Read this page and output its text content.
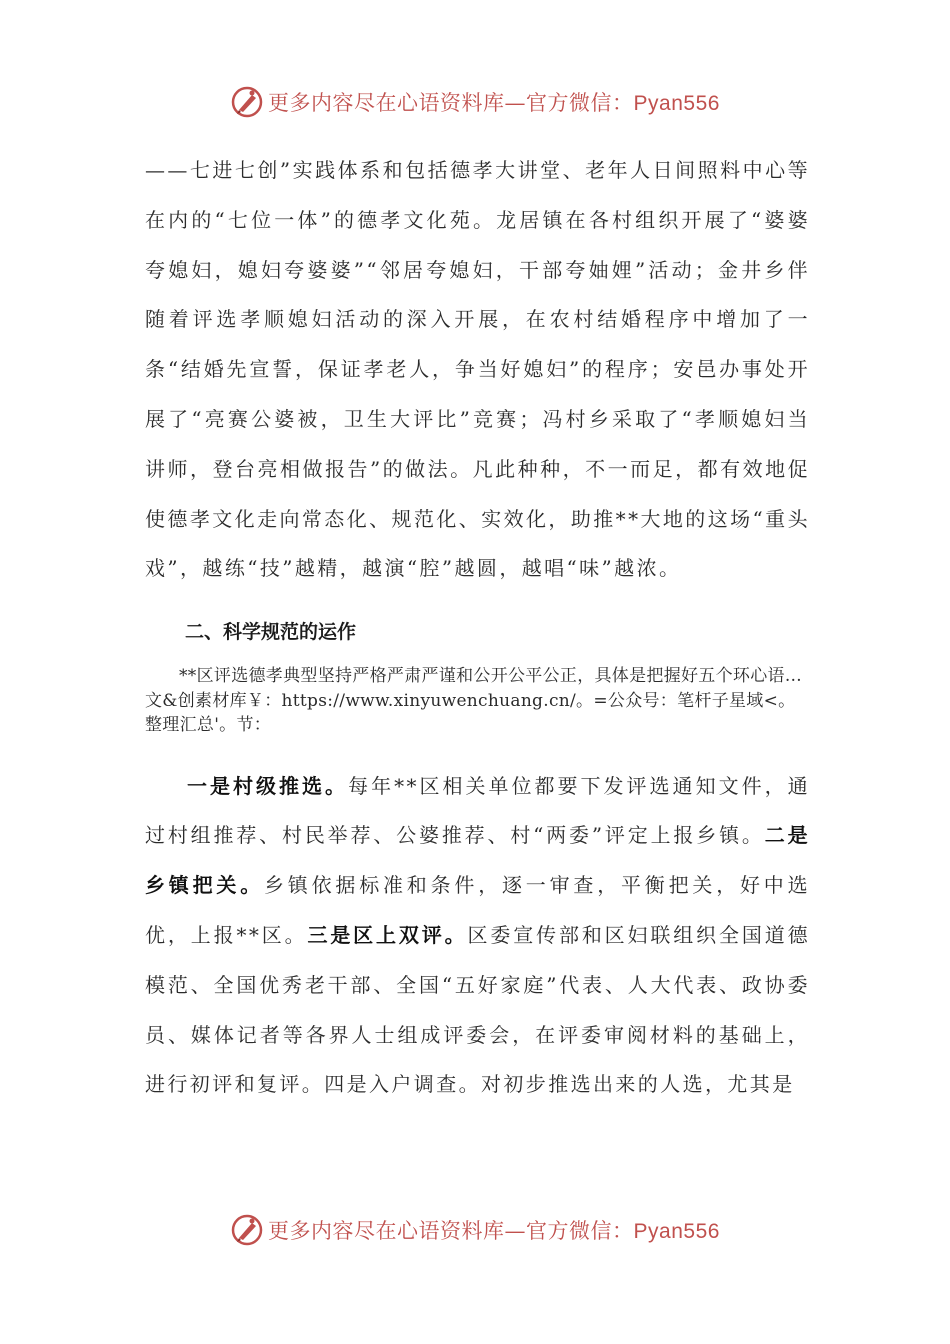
更多内容尽在心语资料库—官方微信：Pyan556

——七进七创”实践体系和包括德孝大讲堂、老年人日间照料中心等在内的“七位一体”的德孝文化苑。龙居镇在各村组织开展了“婆婆夸媳妇，媳妇夸婆婆”“邻居夸媳妇，干部夸妯娌”活动；金井乡伴随着评选孝顺媳妇活动的深入开展，在农村结婚程序中增加了一条“结婚先宣誓，保证孝老人，争当好媳妇”的程序；安邑办事处开展了“亮赛公婆被，卫生大评比”竞赛；冯村乡采取了“孝顺媳妇当讲师，登台亮相做报告”的做法。凡此种种，不一而足，都有效地促使德孝文化走向常态化、规范化、实效化，助推**大地的这场“重头戏”，越练“技”越精，越演“腔”越圆，越唱“味”越浓。

二、科学规范的运作

**区评选德孝典型坚持严格严肃严谨和公开公平公正，具体是把握好五个环心语…文&创素材库￥：https://www.xinyuwenchuang.cn/。=公众号：笔杆子星域<。整理汇总'。节：

一是村级推选。每年**区相关单位都要下发评选通知文件，通过村组推荐、村民举荐、公婆推荐、村“两委”评定上报乡镇。二是乡镇把关。乡镇依据标准和条件，逐一审查，平衡把关，好中选优，上报**区。三是区上双评。区委宣传部和区妇联组织全国道德模范、全国优秀老干部、全国“五好家庭”代表、人大代表、政协委员、媒体记者等各界人士组成评委会，在评委审阅材料的基础上，进行初评和复评。四是入户调查。对初步推选出来的人选，尤其是

更多内容尽在心语资料库—官方微信：Pyan556
